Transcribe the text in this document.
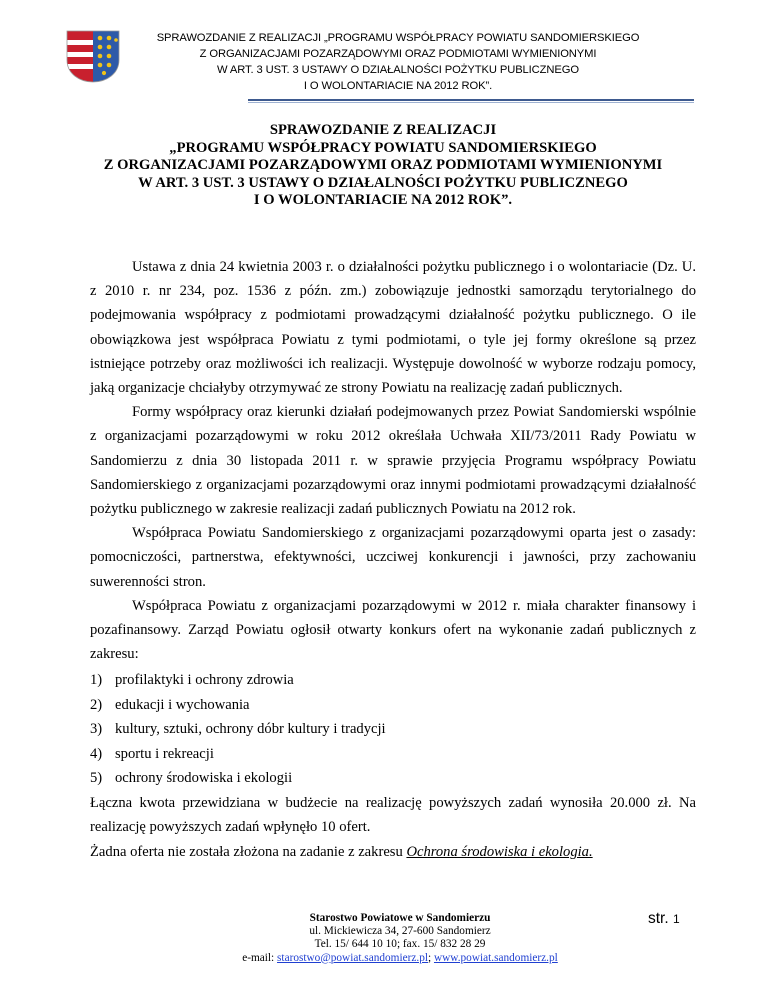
SPRAWOZDANIE Z REALIZACJI „PROGRAMU WSPÓŁPRACY POWIATU SANDOMIERSKIEGO
Z ORGANIZACJAMI POZARZĄDOWYMI ORAZ PODMIOTAMI WYMIENIONYMI
W ART. 3 UST. 3 USTAWY O DZIAŁALNOŚCI POŻYTKU PUBLICZNEGO
I O WOLONTARIACIE NA 2012 ROK”.
SPRAWOZDANIE Z REALIZACJI
„PROGRAMU WSPÓŁPRACY POWIATU SANDOMIERSKIEGO
Z ORGANIZACJAMI POZARZĄDOWYMI ORAZ PODMIOTAMI WYMIENIONYMI
W ART. 3 UST. 3 USTAWY O DZIAŁALNOŚCI POŻYTKU PUBLICZNEGO
I O WOLONTARIACIE NA 2012 ROK”.

Ustawa z dnia 24 kwietnia 2003 r. o działalności pożytku publicznego i o wolontariacie (Dz. U. z 2010 r. nr 234, poz. 1536 z późn. zm.) zobowiązuje jednostki samorządu terytorialnego do podejmowania współpracy z podmiotami prowadzącymi działalność pożytku publicznego. O ile obowiązkowa jest współpraca Powiatu z tymi podmiotami, o tyle jej formy określone są przez istniejące potrzeby oraz możliwości ich realizacji. Występuje dowolność w wyborze rodzaju pomocy, jaką organizacje chciałyby otrzymywać ze strony Powiatu na realizację zadań publicznych.

Formy współpracy oraz kierunki działań podejmowanych przez Powiat Sandomierski wspólnie z organizacjami pozarządowymi w roku 2012 określała Uchwała XII/73/2011 Rady Powiatu w Sandomierzu z dnia 30 listopada 2011 r. w sprawie przyjęcia Programu współpracy Powiatu Sandomierskiego z organizacjami pozarządowymi oraz innymi podmiotami prowadzącymi działalność pożytku publicznego w zakresie realizacji zadań publicznych Powiatu na 2012 rok.

Współpraca Powiatu Sandomierskiego z organizacjami pozarządowymi oparta jest o zasady: pomocniczości, partnerstwa, efektywności, uczciwej konkurencji i jawności, przy zachowaniu suwerenności stron.

Współpraca Powiatu z organizacjami pozarządowymi w 2012 r. miała charakter finansowy i pozafinansowy. Zarząd Powiatu ogłosił otwarty konkurs ofert na wykonanie zadań publicznych z zakresu:

1) profilaktyki i ochrony zdrowia
2) edukacji i wychowania
3) kultury, sztuki, ochrony dóbr kultury i tradycji
4) sportu i rekreacji
5) ochrony środowiska i ekologii

Łączna kwota przewidziana w budżecie na realizację powyższych zadań wynosiła 20.000 zł. Na realizację powyższych zadań wpłynęło 10 ofert.

Żadna oferta nie została złożona na zadanie z zakresu Ochrona środowiska i ekologia.

Starostwo Powiatowe w Sandomierzu
ul. Mickiewicza 34, 27-600 Sandomierz
Tel. 15/ 644 10 10; fax. 15/ 832 28 29
e-mail: starostwo@powiat.sandomierz.pl; www.powiat.sandomierz.pl
str. 1
